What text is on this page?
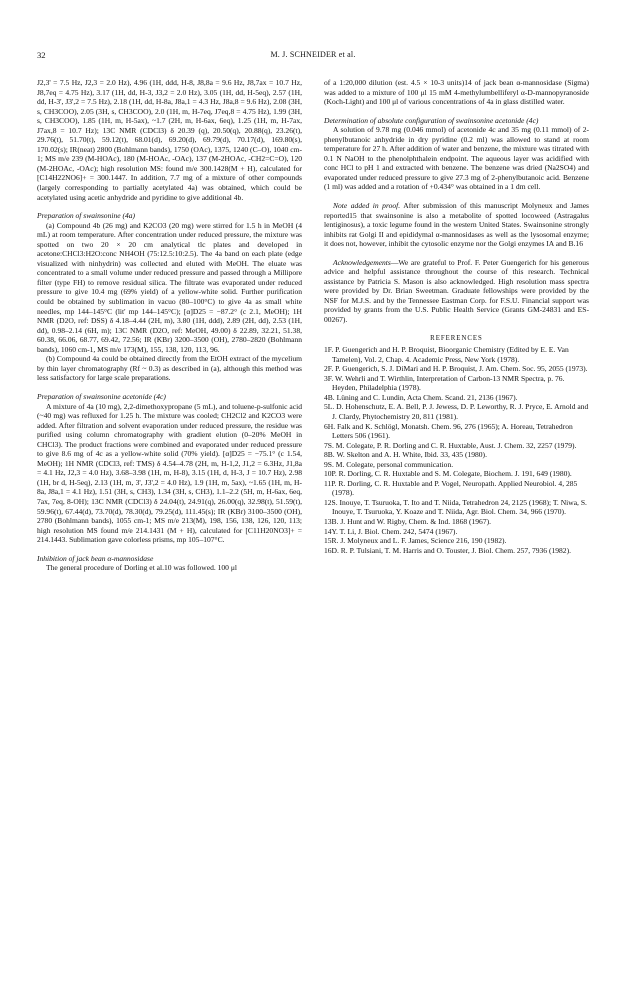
32	M. J. SCHNEIDER et al.

J2,3' = 7.5 Hz, J2,3 = 2.0 Hz), 4.96 (1H, ddd, H-8, J8,8a = 9.6 Hz, J8,7ax = 10.7 Hz, J8,7eq = 4.75 Hz), 3.17 (1H, dd, H-3, J3,2 = 2.0 Hz), 3.05 (1H, dd, H-5eq), 2.57 (1H, dd, H-3', J3',2 = 7.5 Hz), 2.18 (1H, dd, H-8a, J8a,1 = 4.3 Hz, J8a,8 = 9.6 Hz), 2.08 (3H, s, CH3COO), 2.05 (3H, s, CH3COO), 2.0 (1H, m, H-7eq, J7eq,8 = 4.75 Hz), 1.99 (3H, s, CH3COO), 1.85 (1H, m, H-5ax), ~1.7 (2H, m, H-6ax, 6eq), 1.25 (1H, m, H-7ax, J7ax,8 = 10.7 Hz); 13C NMR (CDCl3) δ 20.39 (q), 20.50(q), 20.88(q), 23.26(t), 29.76(t), 51.70(t), 59.12(t), 68.01(d), 69.20(d), 69.79(d), 70.17(d), 169.80(s), 170.02(s); IR(neat) 2800 (Bohlmann bands), 1750 (OAc), 1375, 1240 (C–O), 1040 cm-1; MS m/e 239 (M-HOAc), 180 (M-HOAc, -OAc), 137 (M-2HOAc, -CH2=C=O), 120 (M-2HOAc, -OAc); high resolution MS: found m/e 300.1428(M + H), calculated for [C14H22NO6]+ = 300.1447. In addition, 7.7 mg of a mixture of other compounds (largely corresponding to partially acetylated 4a) was obtained, which could be acetylated using acetic anhydride and pyridine to give additional 4b.

Preparation of swainsonine (4a)

(a) Compound 4b (26 mg) and K2CO3 (20 mg) were stirred for 1.5 h in MeOH (4 mL) at room temperature. After concentration under reduced pressure, the mixture was spotted on two 20 × 20 cm analytical tlc plates and developed in acetone:CHCl3:H2O:conc NH4OH (75:12.5:10:2.5). The 4a band on each plate (edge visualized with ninhydrin) was collected and eluted with MeOH. The eluate was concentrated to a small volume under reduced pressure and passed through a Millipore filter (type FH) to remove residual silica. The filtrate was evaporated under reduced pressure to give 10.4 mg (69% yield) of a yellow-white solid. Further purification could be obtained by sublimation in vacuo (80–100°C) to give 4a as small white needles, mp 144–145°C (lit' mp 144–145°C); [α]D25 = −87.2° (c 2.1, MeOH); 1H NMR (D2O, ref: DSS) δ 4.18–4.44 (2H, m), 3.80 (1H, ddd), 2.89 (2H, dd), 2.53 (1H, dd), 0.98–2.14 (6H, m); 13C NMR (D2O, ref: MeOH, 49.00) δ 22.89, 32.21, 51.38, 60.38, 66.06, 68.77, 69.42, 72.56; IR (KBr) 3200–3500 (OH), 2780–2820 (Bohlmann bands), 1060 cm-1, MS m/e 173(M), 155, 138, 120, 113, 96.

(b) Compound 4a could be obtained directly from the EtOH extract of the mycelium by thin layer chromatography (Rf ~ 0.3) as described in (a), although this method was less satisfactory for large scale preparations.

Preparation of swainsonine acetonide (4c)

A mixture of 4a (10 mg), 2,2-dimethoxypropane (5 mL), and toluene-p-sulfonic acid (~40 mg) was refluxed for 1.25 h. The mixture was cooled; CH2Cl2 and K2CO3 were added. After filtration and solvent evaporation under reduced pressure, the residue was purified using column chromatography with gradient elution (0–20% MeOH in CHCl3). The product fractions were combined and evaporated under reduced pressure to give 8.6 mg of 4c as a yellow-white solid (70% yield). [α]D25 = −75.1° (c 1.54, MeOH); 1H NMR (CDCl3, ref: TMS) δ 4.54–4.78 (2H, m, H-1,2, J1,2 = 6.3Hz, J1,8a = 4.1 Hz, J2,3 = 4.0 Hz), 3.68–3.98 (1H, m, H-8), 3.15 (1H, d, H-3, J = 10.7 Hz), 2.98 (1H, br d, H-5eq), 2.13 (1H, m, 3', J3',2 = 4.0 Hz), 1.9 (1H, m, 5ax), ~1.65 (1H, m, H-8a, J8a,1 = 4.1 Hz), 1.51 (3H, s, CH3), 1.34 (3H, s, CH3), 1.1–2.2 (5H, m, H-6ax, 6eq, 7ax, 7eq, 8-OH); 13C NMR (CDCl3) δ 24.04(t), 24.91(q), 26.00(q), 32.98(t), 51.59(t), 59.96(t), 67.44(d), 73.70(d), 78.30(d), 79.25(d), 111.45(s); IR (KBr) 3100–3500 (OH), 2780 (Bohlmann bands), 1055 cm-1; MS m/e 213(M), 198, 156, 138, 126, 120, 113; high resolution MS found m/e 214.1431 (M + H), calculated for [C11H20NO3]+ = 214.1443. Sublimation gave colorless prisms, mp 105–107°C.

Inhibition of jack bean α-mannosidase

The general procedure of Dorling et al.10 was followed. 100 μl

of a 1:20,000 dilution (est. 4.5 × 10-3 units)14 of jack bean α-mannosidase (Sigma) was added to a mixture of 100 μl 15 mM 4-methylumbelliferyl α-D-mannopyranoside (Koch-Light) and 100 μl of various concentrations of 4a in glass distilled water.

Determination of absolute configuration of swainsonine acetonide (4c)

A solution of 9.78 mg (0.046 mmol) of acetonide 4c and 35 mg (0.11 mmol) of 2-phenylbutanoic anhydride in dry pyridine (0.2 ml) was allowed to stand at room temperature for 27 h. After addition of water and benzene, the mixture was titrated with 0.1 N NaOH to the phenolphthalein endpoint. The aqueous layer was acidified with conc HCl to pH 1 and extracted with benzene. The benzene was dried (Na2SO4) and evaporated under reduced pressure to give 27.3 mg of 2-phenylbutanoic acid. Benzene (1 ml) was added and a rotation of +0.434° was obtained in a 1 dm cell.

Note added in proof. After submission of this manuscript Molyneux and James reported15 that swainsonine is also a metabolite of spotted locoweed (Astragalus lentiginosus), a toxic legume found in the western United States. Swainsonine strongly inhibits rat Golgi II and epididymal α-mannosidases as well as the lysosomal enzyme; it does not, however, inhibit the cytosolic enzyme nor the Golgi enzymes IA and B.16

Acknowledgements—We are grateful to Prof. F. Peter Guengerich for his generous advice and helpful assistance throughout the course of this research. Technical assistance by Patricia S. Mason is also acknowledged. High resolution mass spectra were provided by Dr. Brian Sweetman. Graduate fellowships were provided by the NSF for M.J.S. and by the Tennessee Eastman Corp. for F.S.U. Financial support was provided by grants from the U.S. Public Health Service (Grants GM-24831 and ES-00267).

REFERENCES

1F. P. Guengerich and H. P. Broquist, Bioorganic Chemistry (Edited by E. E. Van Tamelen), Vol. 2, Chap. 4. Academic Press, New York (1978).

2F. P. Guengerich, S. J. DiMari and H. P. Broquist, J. Am. Chem. Soc. 95, 2055 (1973).

3F. W. Wehrli and T. Wirthlin, Interpretation of Carbon-13 NMR Spectra, p. 76. Heyden, Philadelphia (1978).

4B. Lüning and C. Lundin, Acta Chem. Scand. 21, 2136 (1967).

5L. D. Hohenschutz, E. A. Bell, P. J. Jewess, D. P. Leworthy, R. J. Pryce, E. Arnold and J. Clardy, Phytochemistry 20, 811 (1981).

6H. Falk and K. Schlögl, Monatsh. Chem. 96, 276 (1965); A. Horeau, Tetrahedron Letters 506 (1961).

7S. M. Colegate, P. R. Dorling and C. R. Huxtable, Aust. J. Chem. 32, 2257 (1979).

8B. W. Skelton and A. H. White, Ibid. 33, 435 (1980).

9S. M. Colegate, personal communication.

10P. R. Dorling, C. R. Huxtable and S. M. Colegate, Biochem. J. 191, 649 (1980).

11P. R. Dorling, C. R. Huxtable and P. Vogel, Neuropath. Applied Neurobiol. 4, 285 (1978).

12S. Inouye, T. Tsuruoka, T. Ito and T. Niida, Tetrahedron 24, 2125 (1968); T. Niwa, S. Inouye, T. Tsuruoka, Y. Koaze and T. Niida, Agr. Biol. Chem. 34, 966 (1970).

13B. J. Hunt and W. Rigby, Chem. & Ind. 1868 (1967).

14Y. T. Li, J. Biol. Chem. 242, 5474 (1967).

15R. J. Molyneux and L. F. James, Science 216, 190 (1982).

16D. R. P. Tulsiani, T. M. Harris and O. Touster, J. Biol. Chem. 257, 7936 (1982).
